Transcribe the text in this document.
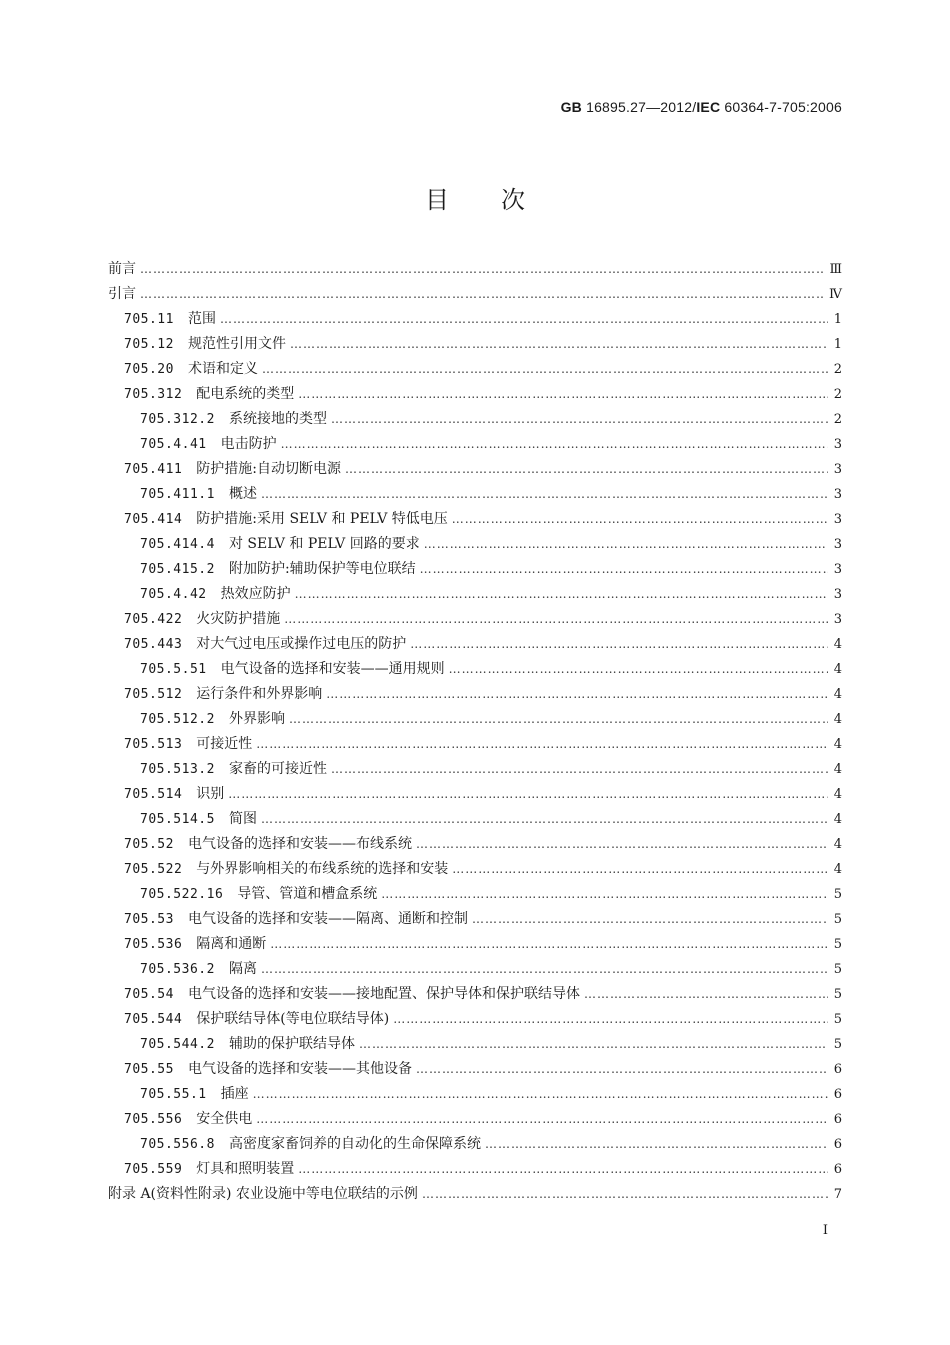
GB 16895.27—2012/IEC 60364-7-705:2006
目次
前言 ……………………………………………………………………………………………………………………………………………………………………………………………………………………	Ⅲ
引言 ……………………………………………………………………………………………………………………………………………………………………………………………………………………	Ⅳ
705.11 范围 ……………………………………………………………………………………………………………………………………………………………………………………………………………………	1
705.12 规范性引用文件 ……………………………………………………………………………………………………………………………………………………………………………………………………………………	1
705.20 术语和定义 ……………………………………………………………………………………………………………………………………………………………………………………………………………………	2
705.312 配电系统的类型 ……………………………………………………………………………………………………………………………………………………………………………………………………………………	2
705.312.2 系统接地的类型 ……………………………………………………………………………………………………………………………………………………………………………………………………………………	2
705.4.41 电击防护 ……………………………………………………………………………………………………………………………………………………………………………………………………………………	3
705.411 防护措施:自动切断电源 ……………………………………………………………………………………………………………………………………………………………………………………………………………………	3
705.411.1 概述 ……………………………………………………………………………………………………………………………………………………………………………………………………………………	3
705.414 防护措施:采用 SELV 和 PELV 特低电压 ……………………………………………………………………………………………………………………………………………………………………………………………………………………	3
705.414.4 对 SELV 和 PELV 回路的要求 ……………………………………………………………………………………………………………………………………………………………………………………………………………………	3
705.415.2 附加防护:辅助保护等电位联结 ……………………………………………………………………………………………………………………………………………………………………………………………………………………	3
705.4.42 热效应防护 ……………………………………………………………………………………………………………………………………………………………………………………………………………………	3
705.422 火灾防护措施 ……………………………………………………………………………………………………………………………………………………………………………………………………………………	3
705.443 对大气过电压或操作过电压的防护 ……………………………………………………………………………………………………………………………………………………………………………………………………………………	4
705.5.51 电气设备的选择和安装——通用规则 ……………………………………………………………………………………………………………………………………………………………………………………………………………………	4
705.512 运行条件和外界影响 ……………………………………………………………………………………………………………………………………………………………………………………………………………………	4
705.512.2 外界影响 ……………………………………………………………………………………………………………………………………………………………………………………………………………………	4
705.513 可接近性 ……………………………………………………………………………………………………………………………………………………………………………………………………………………	4
705.513.2 家畜的可接近性 ……………………………………………………………………………………………………………………………………………………………………………………………………………………	4
705.514 识别 ……………………………………………………………………………………………………………………………………………………………………………………………………………………	4
705.514.5 简图 ……………………………………………………………………………………………………………………………………………………………………………………………………………………	4
705.52 电气设备的选择和安装——布线系统 ……………………………………………………………………………………………………………………………………………………………………………………………………………………	4
705.522 与外界影响相关的布线系统的选择和安装 ……………………………………………………………………………………………………………………………………………………………………………………………………………………	4
705.522.16 导管、管道和槽盒系统 ……………………………………………………………………………………………………………………………………………………………………………………………………………………	5
705.53 电气设备的选择和安装——隔离、通断和控制 ……………………………………………………………………………………………………………………………………………………………………………………………………………………	5
705.536 隔离和通断 ……………………………………………………………………………………………………………………………………………………………………………………………………………………	5
705.536.2 隔离 ……………………………………………………………………………………………………………………………………………………………………………………………………………………	5
705.54 电气设备的选择和安装——接地配置、保护导体和保护联结导体 ……………………………………………………………………………………………………………………………………………………………………………………………………………………	5
705.544 保护联结导体(等电位联结导体) ……………………………………………………………………………………………………………………………………………………………………………………………………………………	5
705.544.2 辅助的保护联结导体 ……………………………………………………………………………………………………………………………………………………………………………………………………………………	5
705.55 电气设备的选择和安装——其他设备 ……………………………………………………………………………………………………………………………………………………………………………………………………………………	6
705.55.1 插座 ……………………………………………………………………………………………………………………………………………………………………………………………………………………	6
705.556 安全供电 ……………………………………………………………………………………………………………………………………………………………………………………………………………………	6
705.556.8 高密度家畜饲养的自动化的生命保障系统 ……………………………………………………………………………………………………………………………………………………………………………………………………………………	6
705.559 灯具和照明装置 ……………………………………………………………………………………………………………………………………………………………………………………………………………………	6
附录 A(资料性附录) 农业设施中等电位联结的示例 ……………………………………………………………………………………………………………………………………………………………………………………………………………………	7
I
